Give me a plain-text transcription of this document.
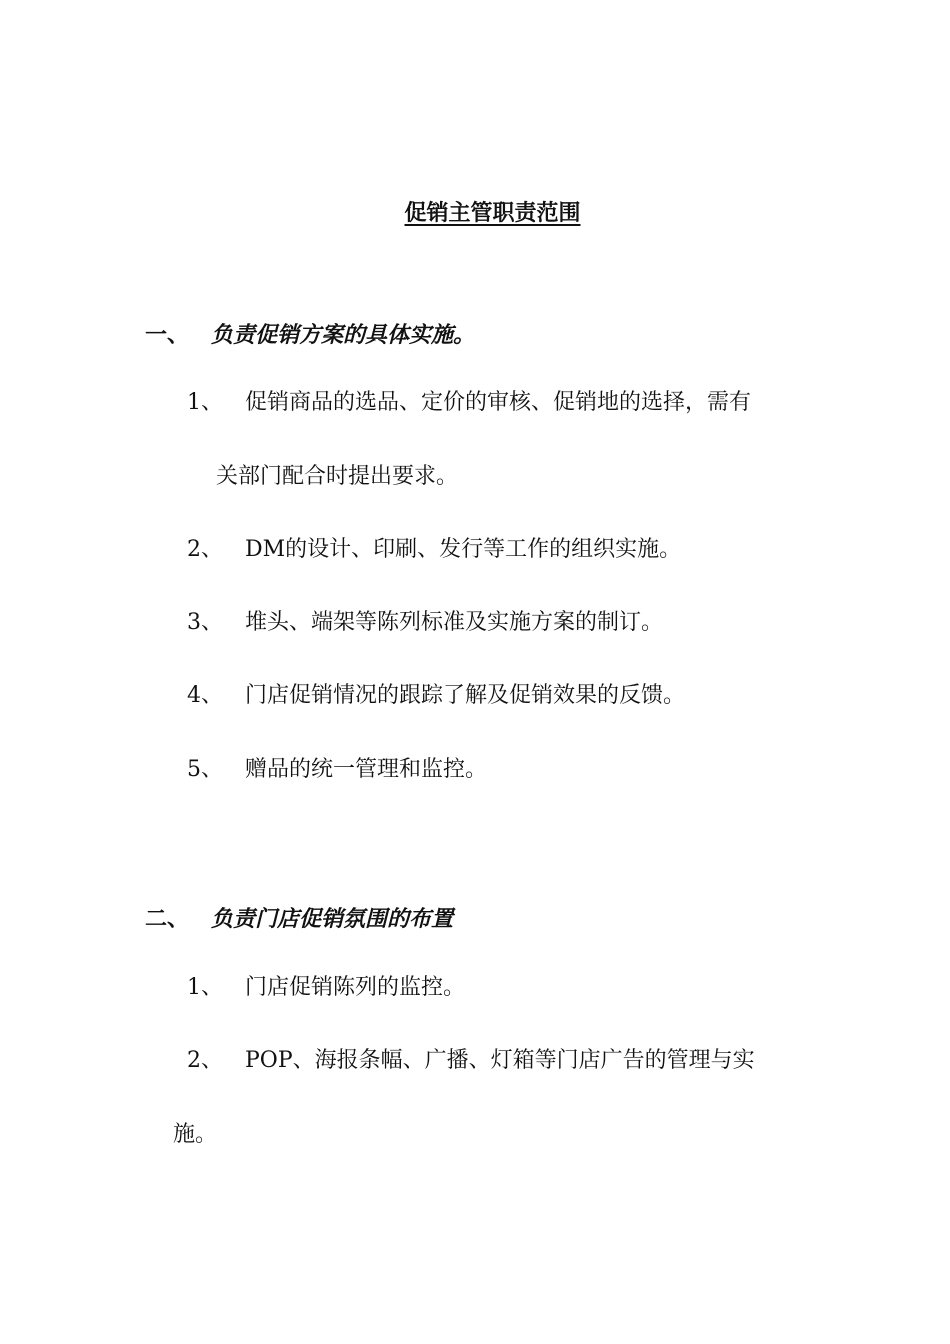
促销主管职责范围
一、 负责促销方案的具体实施。
1、 促销商品的选品、定价的审核、促销地的选择，需有
关部门配合时提出要求。
2、 DM的设计、印刷、发行等工作的组织实施。
3、 堆头、端架等陈列标准及实施方案的制订。
4、 门店促销情况的跟踪了解及促销效果的反馈。
5、 赠品的统一管理和监控。
二、 负责门店促销氛围的布置
1、 门店促销陈列的监控。
2、 POP、海报条幅、广播、灯箱等门店广告的管理与实
施。
